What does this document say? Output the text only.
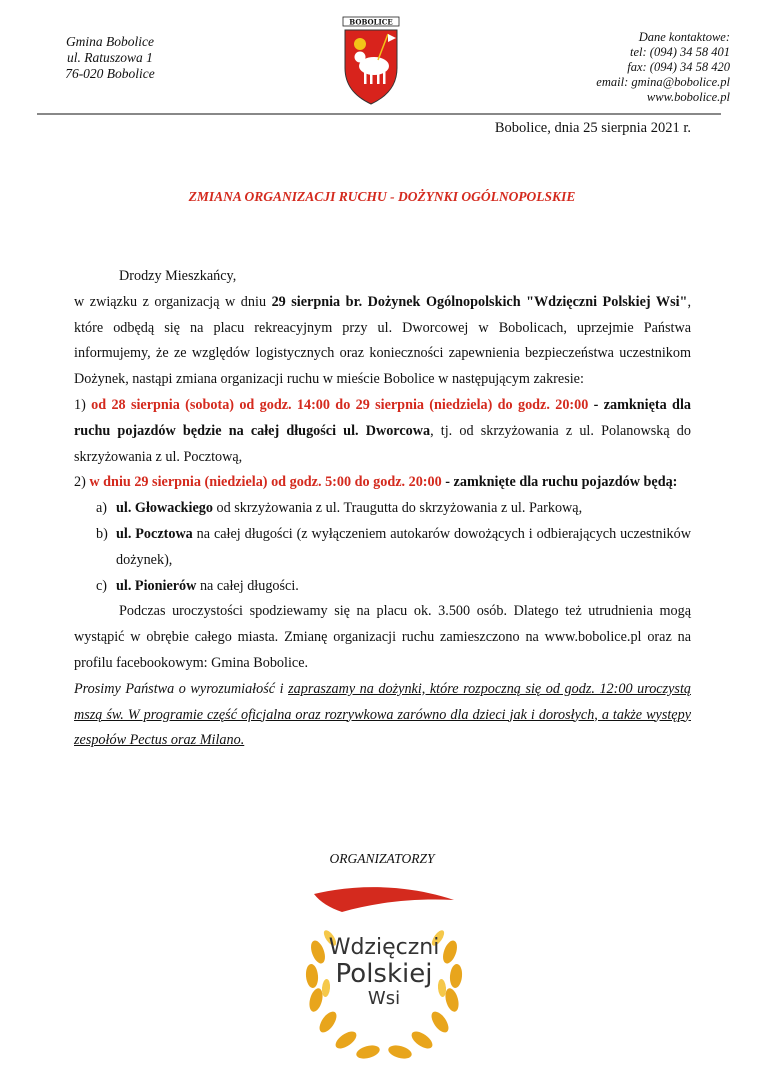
Gmina Bobolice
ul. Ratuszowa 1
76-020 Bobolice
BOBOLICE
Dane kontaktowe:
tel: (094) 34 58 401
fax: (094) 34 58 420
email: gmina@bobolice.pl
www.bobolice.pl
Bobolice, dnia 25 sierpnia 2021 r.
ZMIANA ORGANIZACJI RUCHU - DOŻYNKI OGÓLNOPOLSKIE

Drodzy Mieszkańcy,

w związku z organizacją w dniu 29 sierpnia br. Dożynek Ogólnopolskich "Wdzięczni Polskiej Wsi", które odbędą się na placu rekreacyjnym przy ul. Dworcowej w Bobolicach, uprzejmie Państwa informujemy, że ze względów logistycznych oraz konieczności zapewnienia bezpieczeństwa uczestnikom Dożynek, nastąpi zmiana organizacji ruchu w mieście Bobolice w następującym zakresie:

1) od 28 sierpnia (sobota) od godz. 14:00 do 29 sierpnia (niedziela) do godz. 20:00 - zamknięta dla ruchu pojazdów będzie na całej długości ul. Dworcowa, tj. od skrzyżowania z ul. Polanowską do skrzyżowania z ul. Pocztową,

2) w dniu 29 sierpnia (niedziela) od godz. 5:00 do godz. 20:00 - zamknięte dla ruchu pojazdów będą:

a) ul. Głowackiego od skrzyżowania z ul. Traugutta do skrzyżowania z ul. Parkową,
b) ul. Pocztowa na całej długości (z wyłączeniem autokarów dowożących i odbierających uczestników dożynek),
c) ul. Pionierów na całej długości.

Podczas uroczystości spodziewamy się na placu ok. 3.500 osób. Dlatego też utrudnienia mogą wystąpić w obrębie całego miasta. Zmianę organizacji ruchu zamieszczono na www.bobolice.pl oraz na profilu facebookowym: Gmina Bobolice.

Prosimy Państwa o wyrozumiałość i zapraszamy na dożynki, które rozpoczną się od godz. 12:00 uroczystą mszą św. W programie część oficjalna oraz rozrywkowa zarówno dla dzieci jak i dorosłych, a także występy zespołów Pectus oraz Milano.

ORGANIZATORZY
Wdzięczni
Polskiej
Wsi
